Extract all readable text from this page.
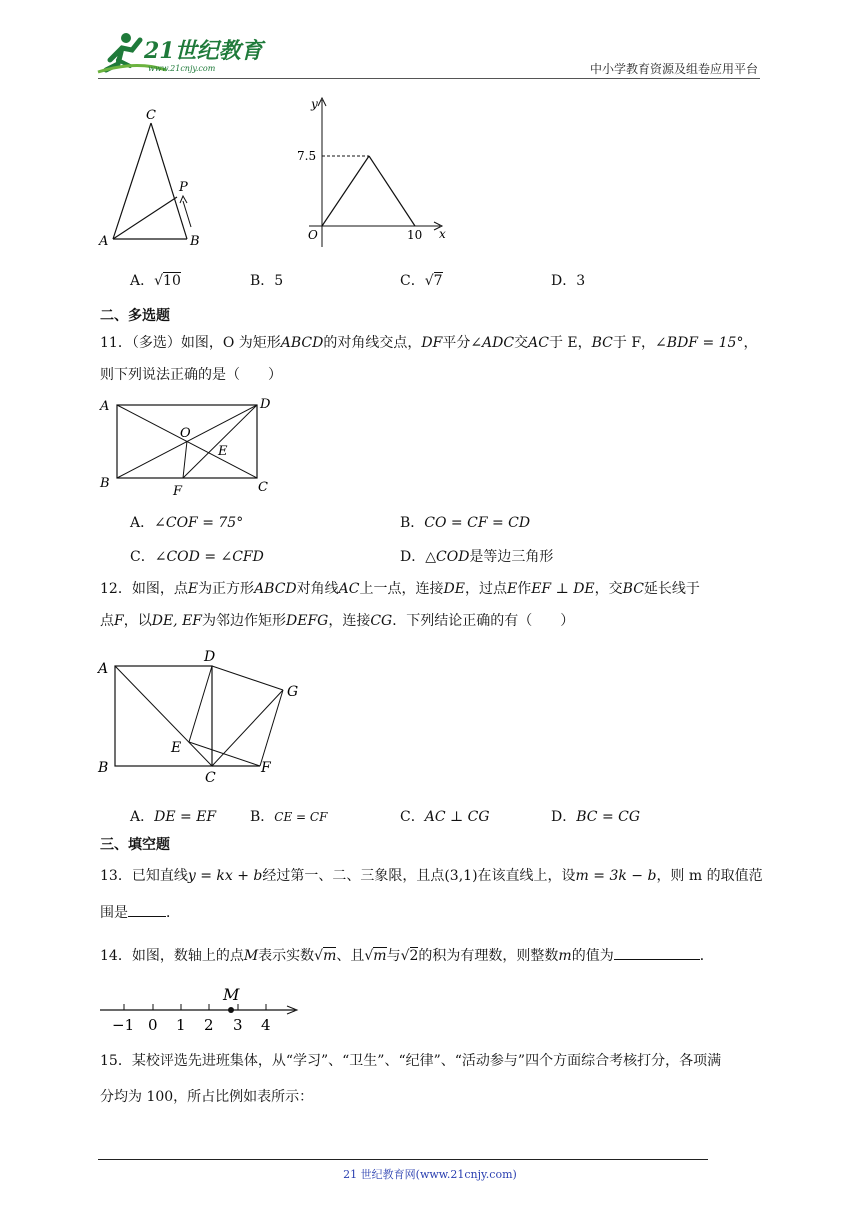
21世纪教育
www.21cnjy.com	中小学教育资源及组卷应用平台
C
P
A	B
y
x
O
7.5
10
A．√10	B．5	C．√7	D．3
二、多选题
11．（多选）如图，O 为矩形ABCD的对角线交点，DF平分∠ADC交AC于 E，BC于 F，∠BDF = 15°，
则下列说法正确的是（　　）
A	D
O
E
B
F	C
A．∠COF = 75°	B．CO = CF = CD
C．∠COD = ∠CFD	D．△COD是等边三角形
12．如图，点E为正方形ABCD对角线AC上一点，连接DE，过点E作EF ⊥ DE，交BC延长线于
点F，以DE, EF为邻边作矩形DEFG，连接CG．下列结论正确的有（　　）
A
D
G
E
B
C
F
A．DE = EF B．CE = CF	C．AC ⊥ CG	D．BC = CG
三、填空题
13．已知直线y = kx + b经过第一、二、三象限，且点(3,1)在该直线上，设m = 3k − b，则 m 的取值范
围是	．
14．如图，数轴上的点M表示实数√m、且√m与√2的积为有理数，则整数m的值为	．
M
−1 0 1 2 3 4
15．某校评选先进班集体，从“学习”、“卫生”、“纪律”、“活动参与”四个方面综合考核打分，各项满
分均为 100，所占比例如表所示：
21 世纪教育网(www.21cnjy.com)
